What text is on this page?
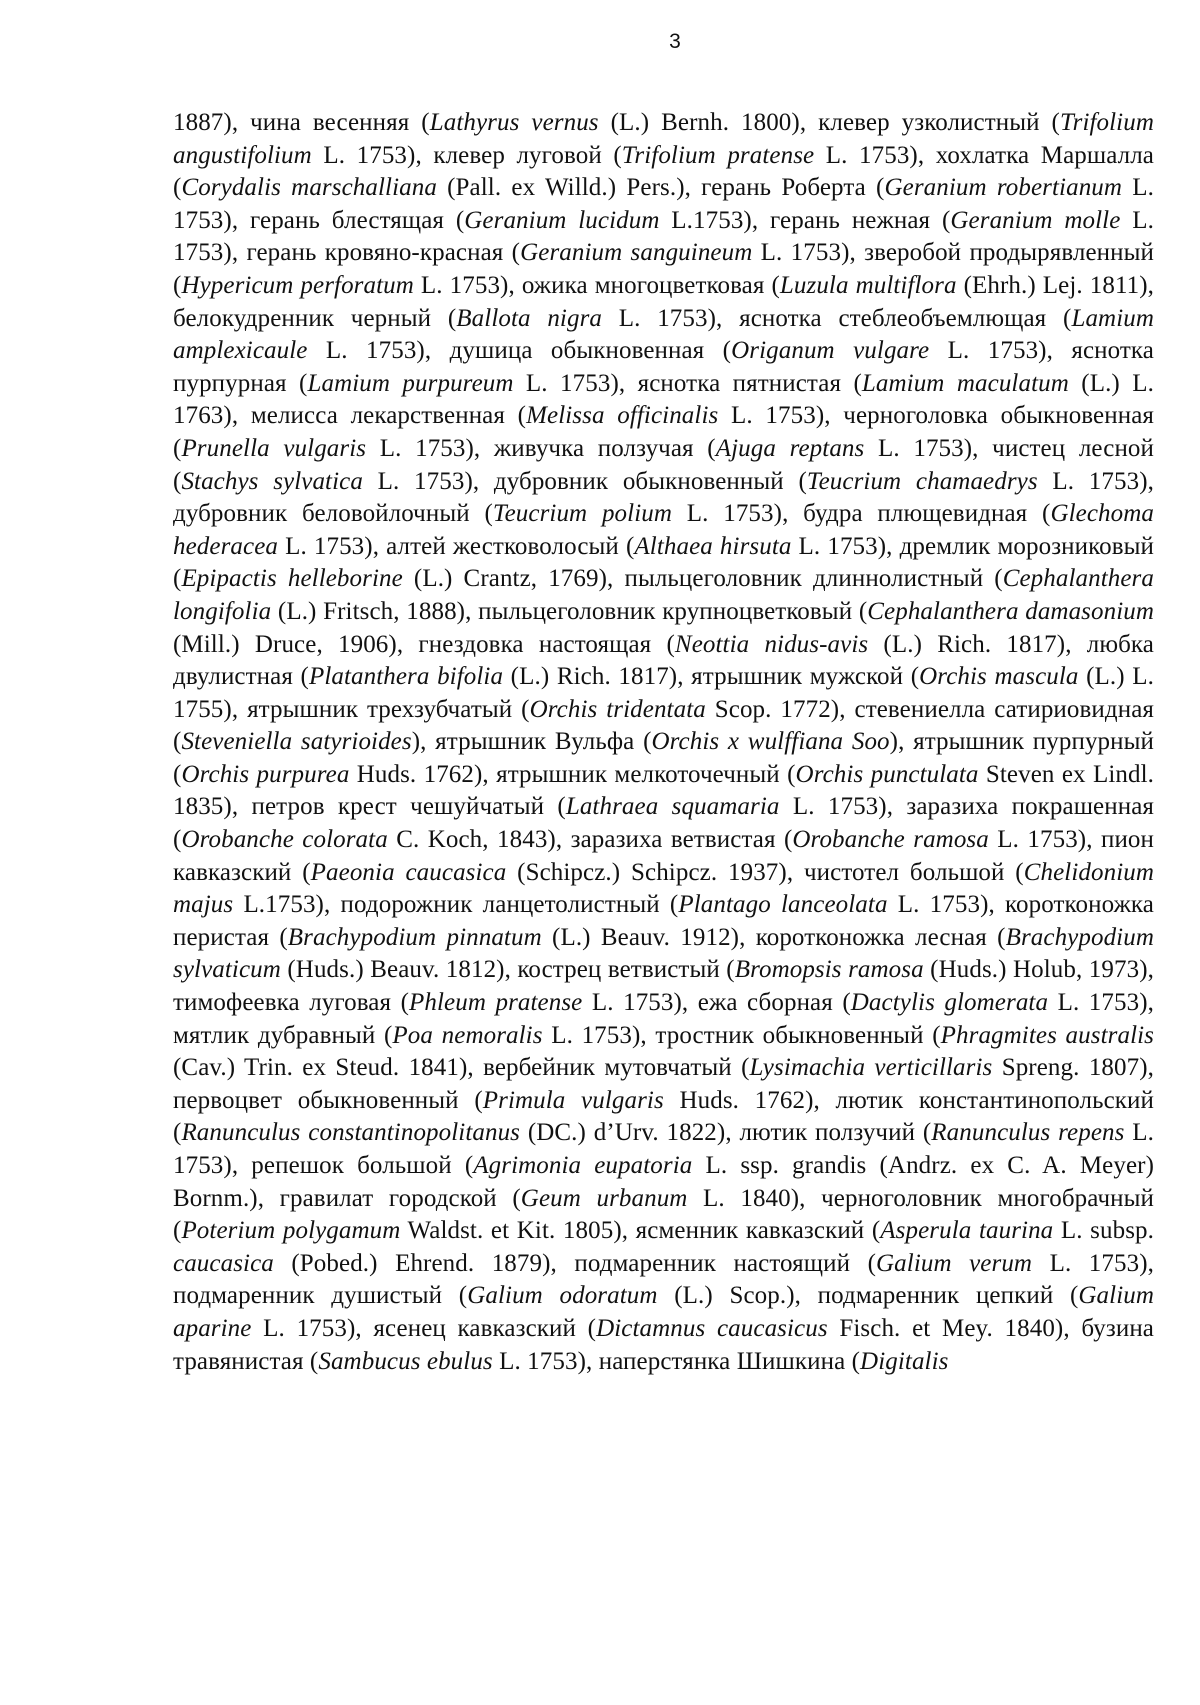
3

1887), чина весенняя (Lathyrus vernus (L.) Bernh. 1800), клевер узколистный (Trifolium angustifolium L. 1753), клевер луговой (Trifolium pratense L. 1753), хохлатка Маршалла (Corydalis marschalliana (Pall. ex Willd.) Pers.), герань Роберта (Geranium robertianum L. 1753), герань блестящая (Geranium lucidum L.1753), герань нежная (Geranium molle L. 1753), герань кровяно-красная (Geranium sanguineum L. 1753), зверобой продырявленный (Hypericum perforatum L. 1753), ожика многоцветковая (Luzula multiflora (Ehrh.) Lej. 1811), белокудренник черный (Ballota nigra L. 1753), яснотка стеблеобъемлющая (Lamium amplexicaule L. 1753), душица обыкновенная (Origanum vulgare L. 1753), яснотка пурпурная (Lamium purpureum L. 1753), яснотка пятнистая (Lamium maculatum (L.) L. 1763), мелисса лекарственная (Melissa officinalis L. 1753), черноголовка обыкновенная (Prunella vulgaris L. 1753), живучка ползучая (Ajuga reptans L. 1753), чистец лесной (Stachys sylvatica L. 1753), дубровник обыкновенный (Teucrium chamaedrys L. 1753), дубровник беловойлочный (Teucrium polium L. 1753), будра плющевидная (Glechoma hederacea L. 1753), алтей жестковолосый (Althaea hirsuta L. 1753), дремлик морозниковый (Epipactis helleborine (L.) Crantz, 1769), пыльцеголовник длиннолистный (Cephalanthera longifolia (L.) Fritsch, 1888), пыльцеголовник крупноцветковый (Cephalanthera damasonium (Mill.) Druce, 1906), гнездовка настоящая (Neottia nidus-avis (L.) Rich. 1817), любка двулистная (Platanthera bifolia (L.) Rich. 1817), ятрышник мужской (Orchis mascula (L.) L. 1755), ятрышник трехзубчатый (Orchis tridentata Scop. 1772), стевениелла сатириовидная (Steveniella satyrioides), ятрышник Вульфа (Orchis x wulffiana Soo), ятрышник пурпурный (Orchis purpurea Huds. 1762), ятрышник мелкоточечный (Orchis punctulata Steven ex Lindl. 1835), петров крест чешуйчатый (Lathraea squamaria L. 1753), заразиха покрашенная (Orobanche colorata C. Koch, 1843), заразиха ветвистая (Orobanche ramosa L. 1753), пион кавказский (Paeonia caucasica (Schipcz.) Schipcz. 1937), чистотел большой (Chelidonium majus L.1753), подорожник ланцетолистный (Plantago lanceolata L. 1753), коротконожка перистая (Brachypodium pinnatum (L.) Beauv. 1912), коротконожка лесная (Brachypodium sylvaticum (Huds.) Beauv. 1812), кострец ветвистый (Bromopsis ramosa (Huds.) Holub, 1973), тимофеевка луговая (Phleum pratense L. 1753), ежа сборная (Dactylis glomerata L. 1753), мятлик дубравный (Poa nemoralis L. 1753), тростник обыкновенный (Phragmites australis (Cav.) Trin. ex Steud. 1841), вербейник мутовчатый (Lysimachia verticillaris Spreng. 1807), первоцвет обыкновенный (Primula vulgaris Huds. 1762), лютик константинопольский (Ranunculus constantinopolitanus (DC.) d’Urv. 1822), лютик ползучий (Ranunculus repens L. 1753), репешок большой (Agrimonia eupatoria L. ssp. grandis (Andrz. ex C. A. Meyer) Bornm.), гравилат городской (Geum urbanum L. 1840), черноголовник многобрачный (Poterium polygamum Waldst. et Kit. 1805), ясменник кавказский (Asperula taurina L. subsp. caucasica (Pobed.) Ehrend. 1879), подмаренник настоящий (Galium verum L. 1753), подмаренник душистый (Galium odoratum (L.) Scop.), подмаренник цепкий (Galium aparine L. 1753), ясенец кавказский (Dictamnus caucasicus Fisch. et Mey. 1840), бузина травянистая (Sambucus ebulus L. 1753), наперстянка Шишкина (Digitalis
